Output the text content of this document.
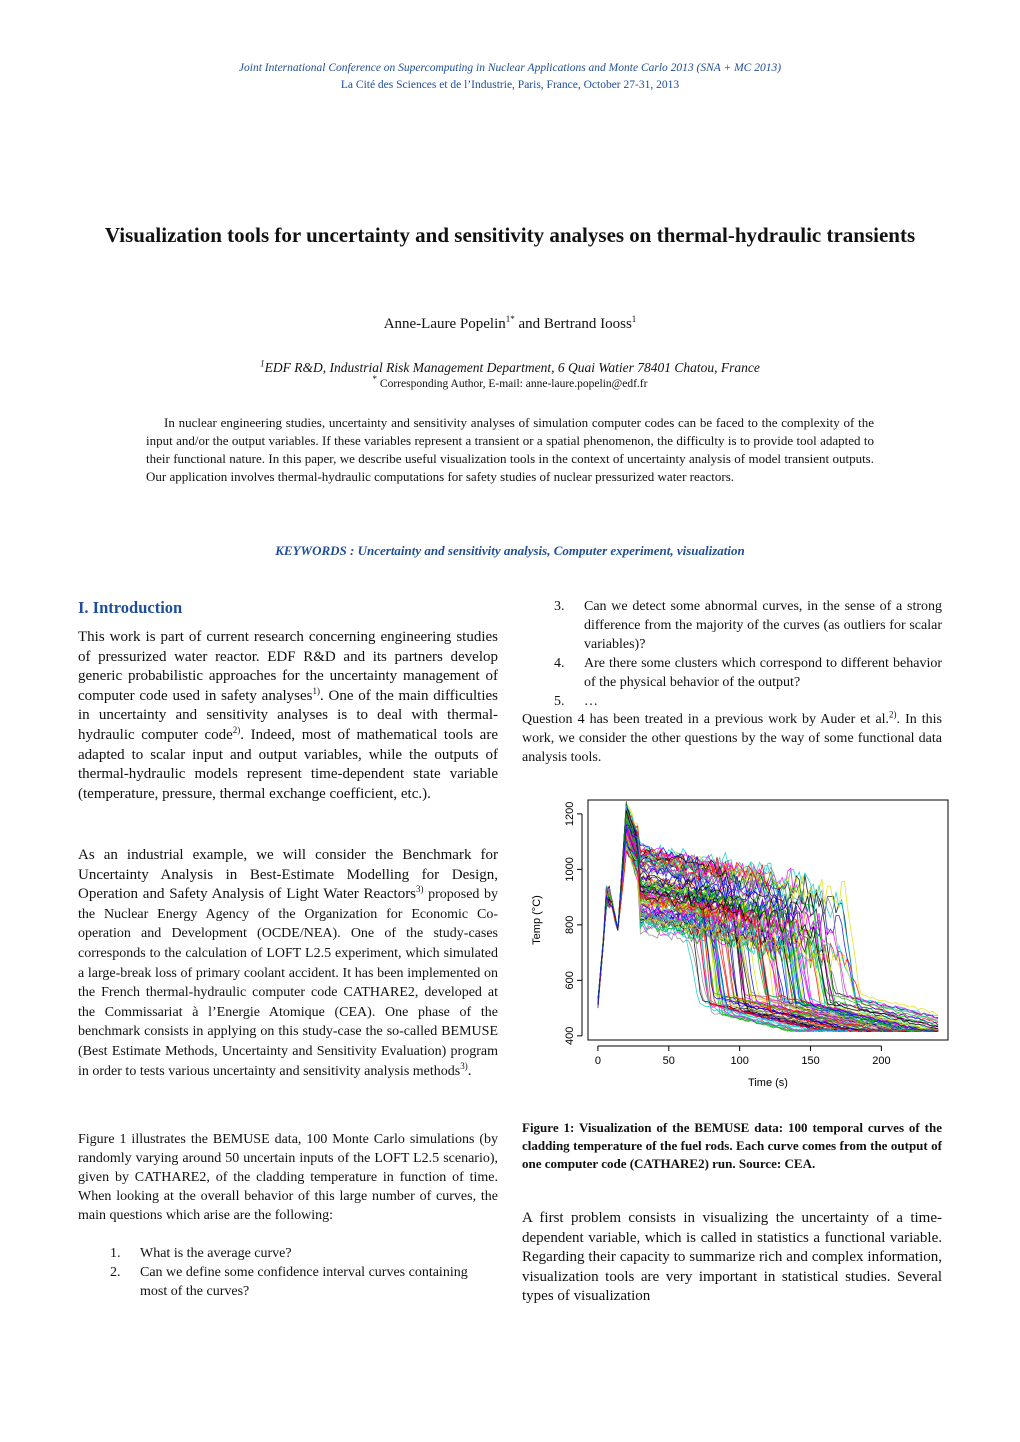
Joint International Conference on Supercomputing in Nuclear Applications and Monte Carlo 2013 (SNA + MC 2013)
La Cité des Sciences et de l’Industrie, Paris, France, October 27-31, 2013
Visualization tools for uncertainty and sensitivity analyses on thermal-hydraulic transients
Anne-Laure Popelin$^{1*}$ and Bertrand Iooss$^1$
$^1$EDF R&D, Industrial Risk Management Department, 6 Quai Watier 78401 Chatou, France
* Corresponding Author, E-mail: anne-laure.popelin@edf.fr
In nuclear engineering studies, uncertainty and sensitivity analyses of simulation computer codes can be faced to the complexity of the input and/or the output variables. If these variables represent a transient or a spatial phenomenon, the difficulty is to provide tool adapted to their functional nature. In this paper, we describe useful visualization tools in the context of uncertainty analysis of model transient outputs. Our application involves thermal-hydraulic computations for safety studies of nuclear pressurized water reactors.
KEYWORDS : Uncertainty and sensitivity analysis, Computer experiment, visualization
I. Introduction
This work is part of current research concerning engineering studies of pressurized water reactor. EDF R&D and its partners develop generic probabilistic approaches for the uncertainty management of computer code used in safety analyses$^{1)}$. One of the main difficulties in uncertainty and sensitivity analyses is to deal with thermal-hydraulic computer code$^{2)}$. Indeed, most of mathematical tools are adapted to scalar input and output variables, while the outputs of thermal-hydraulic models represent time-dependent state variable (temperature, pressure, thermal exchange coefficient, etc.).
As an industrial example, we will consider the Benchmark for Uncertainty Analysis in Best-Estimate Modelling for Design, Operation and Safety Analysis of Light Water Reactors$^{3)}$ proposed by the Nuclear Energy Agency of the Organization for Economic Co-operation and Development (OCDE/NEA). One of the study-cases corresponds to the calculation of LOFT L2.5 experiment, which simulated a large-break loss of primary coolant accident. It has been implemented on the French thermal-hydraulic computer code CATHARE2, developed at the Commissariat à l’Energie Atomique (CEA). One phase of the benchmark consists in applying on this study-case the so-called BEMUSE (Best Estimate Methods, Uncertainty and Sensitivity Evaluation) program in order to tests various uncertainty and sensitivity analysis methods$^{3)}$.
Figure 1 illustrates the BEMUSE data, 100 Monte Carlo simulations (by randomly varying around 50 uncertain inputs of the LOFT L2.5 scenario), given by CATHARE2, of the cladding temperature in function of time. When looking at the overall behavior of this large number of curves, the main questions which arise are the following:
1. What is the average curve?
2. Can we define some confidence interval curves containing most of the curves?
3. Can we detect some abnormal curves, in the sense of a strong difference from the majority of the curves (as outliers for scalar variables)?
4. Are there some clusters which correspond to different behavior of the physical behavior of the output?
5. …
Question 4 has been treated in a previous work by Auder et al.$^{2)}$. In this work, we consider the other questions by the way of some functional data analysis tools.
0	50	100	150	200
400
600
800
1000
1200
Time (s)
Temp (°C)
Figure 1: Visualization of the BEMUSE data: 100 temporal curves of the cladding temperature of the fuel rods. Each curve comes from the output of one computer code (CATHARE2) run. Source: CEA.
A first problem consists in visualizing the uncertainty of a time-dependent variable, which is called in statistics a functional variable. Regarding their capacity to summarize rich and complex information, visualization tools are very important in statistical studies. Several types of visualization
